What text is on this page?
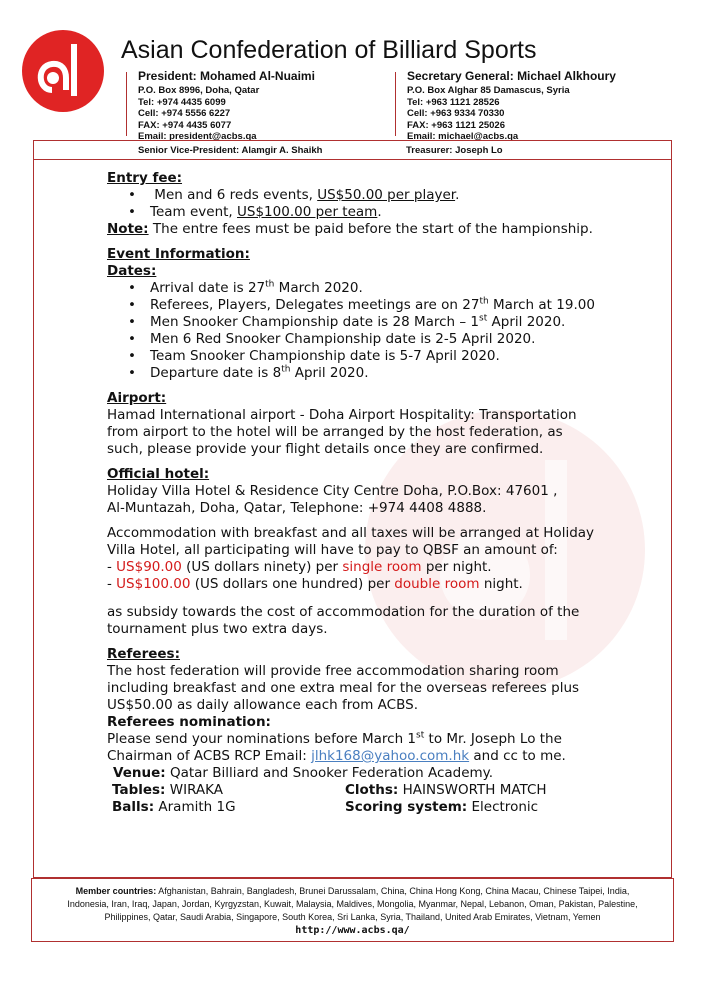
Asian Confederation of Billiard Sports
President: Mohamed Al-Nuaimi
P.O. Box 8996, Doha, Qatar
Tel: +974 4435 6099
Cell: +974 5556 6227
FAX: +974 4435 6077
Email: president@acbs.qa
Secretary General: Michael Alkhoury
P.O. Box Alghar 85 Damascus, Syria
Tel: +963 1121 28526
Cell: +963 9334 70330
FAX: +963 1121 25026
Email: michael@acbs.qa
Senior Vice-President: Alamgir A. Shaikh	Treasurer: Joseph Lo
Entry fee:
• Men and 6 reds events, US$50.00 per player.
• Team event, US$100.00 per team.

Note: The entre fees must be paid before the start of the hampionship.

Event Information:
Dates:
• Arrival date is 27th March 2020.
• Referees, Players, Delegates meetings are on 27th March at 19.00
• Men Snooker Championship date is 28 March – 1st April 2020.
• Men 6 Red Snooker Championship date is 2-5 April 2020.
• Team Snooker Championship date is 5-7 April 2020.
• Departure date is 8th April 2020.
Airport:

Hamad International airport - Doha Airport Hospitality: Transportation

from airport to the hotel will be arranged by the host federation, as

such, please provide your flight details once they are confirmed.

Official hotel:

Holiday Villa Hotel & Residence City Centre Doha, P.O.Box: 47601 ,

Al-Muntazah, Doha, Qatar, Telephone: +974 4408 4888.

Accommodation with breakfast and all taxes will be arranged at Holiday

Villa Hotel, all participating will have to pay to QBSF an amount of:

- US$90.00 (US dollars ninety) per single room per night.

- US$100.00 (US dollars one hundred) per double room night.

as subsidy towards the cost of accommodation for the duration of the

tournament plus two extra days.

Referees:

The host federation will provide free accommodation sharing room

including breakfast and one extra meal for the overseas referees plus

US$50.00 as daily allowance each from ACBS.

Referees nomination:

Please send your nominations before March 1st to Mr. Joseph Lo the

Chairman of ACBS RCP Email: jlhk168@yahoo.com.hk and cc to me.

Venue: Qatar Billiard and Snooker Federation Academy.

Tables: WIRAKA	Cloths: HAINSWORTH MATCH
Balls: Aramith 1G	Scoring system: Electronic
Member countries: Afghanistan, Bahrain, Bangladesh, Brunei Darussalam, China, China Hong Kong, China Macau, Chinese Taipei, India,
Indonesia, Iran, Iraq, Japan, Jordan, Kyrgyzstan, Kuwait, Malaysia, Maldives, Mongolia, Myanmar, Nepal, Lebanon, Oman, Pakistan, Palestine,
Philippines, Qatar, Saudi Arabia, Singapore, South Korea, Sri Lanka, Syria, Thailand, United Arab Emirates, Vietnam, Yemen
http://www.acbs.qa/
